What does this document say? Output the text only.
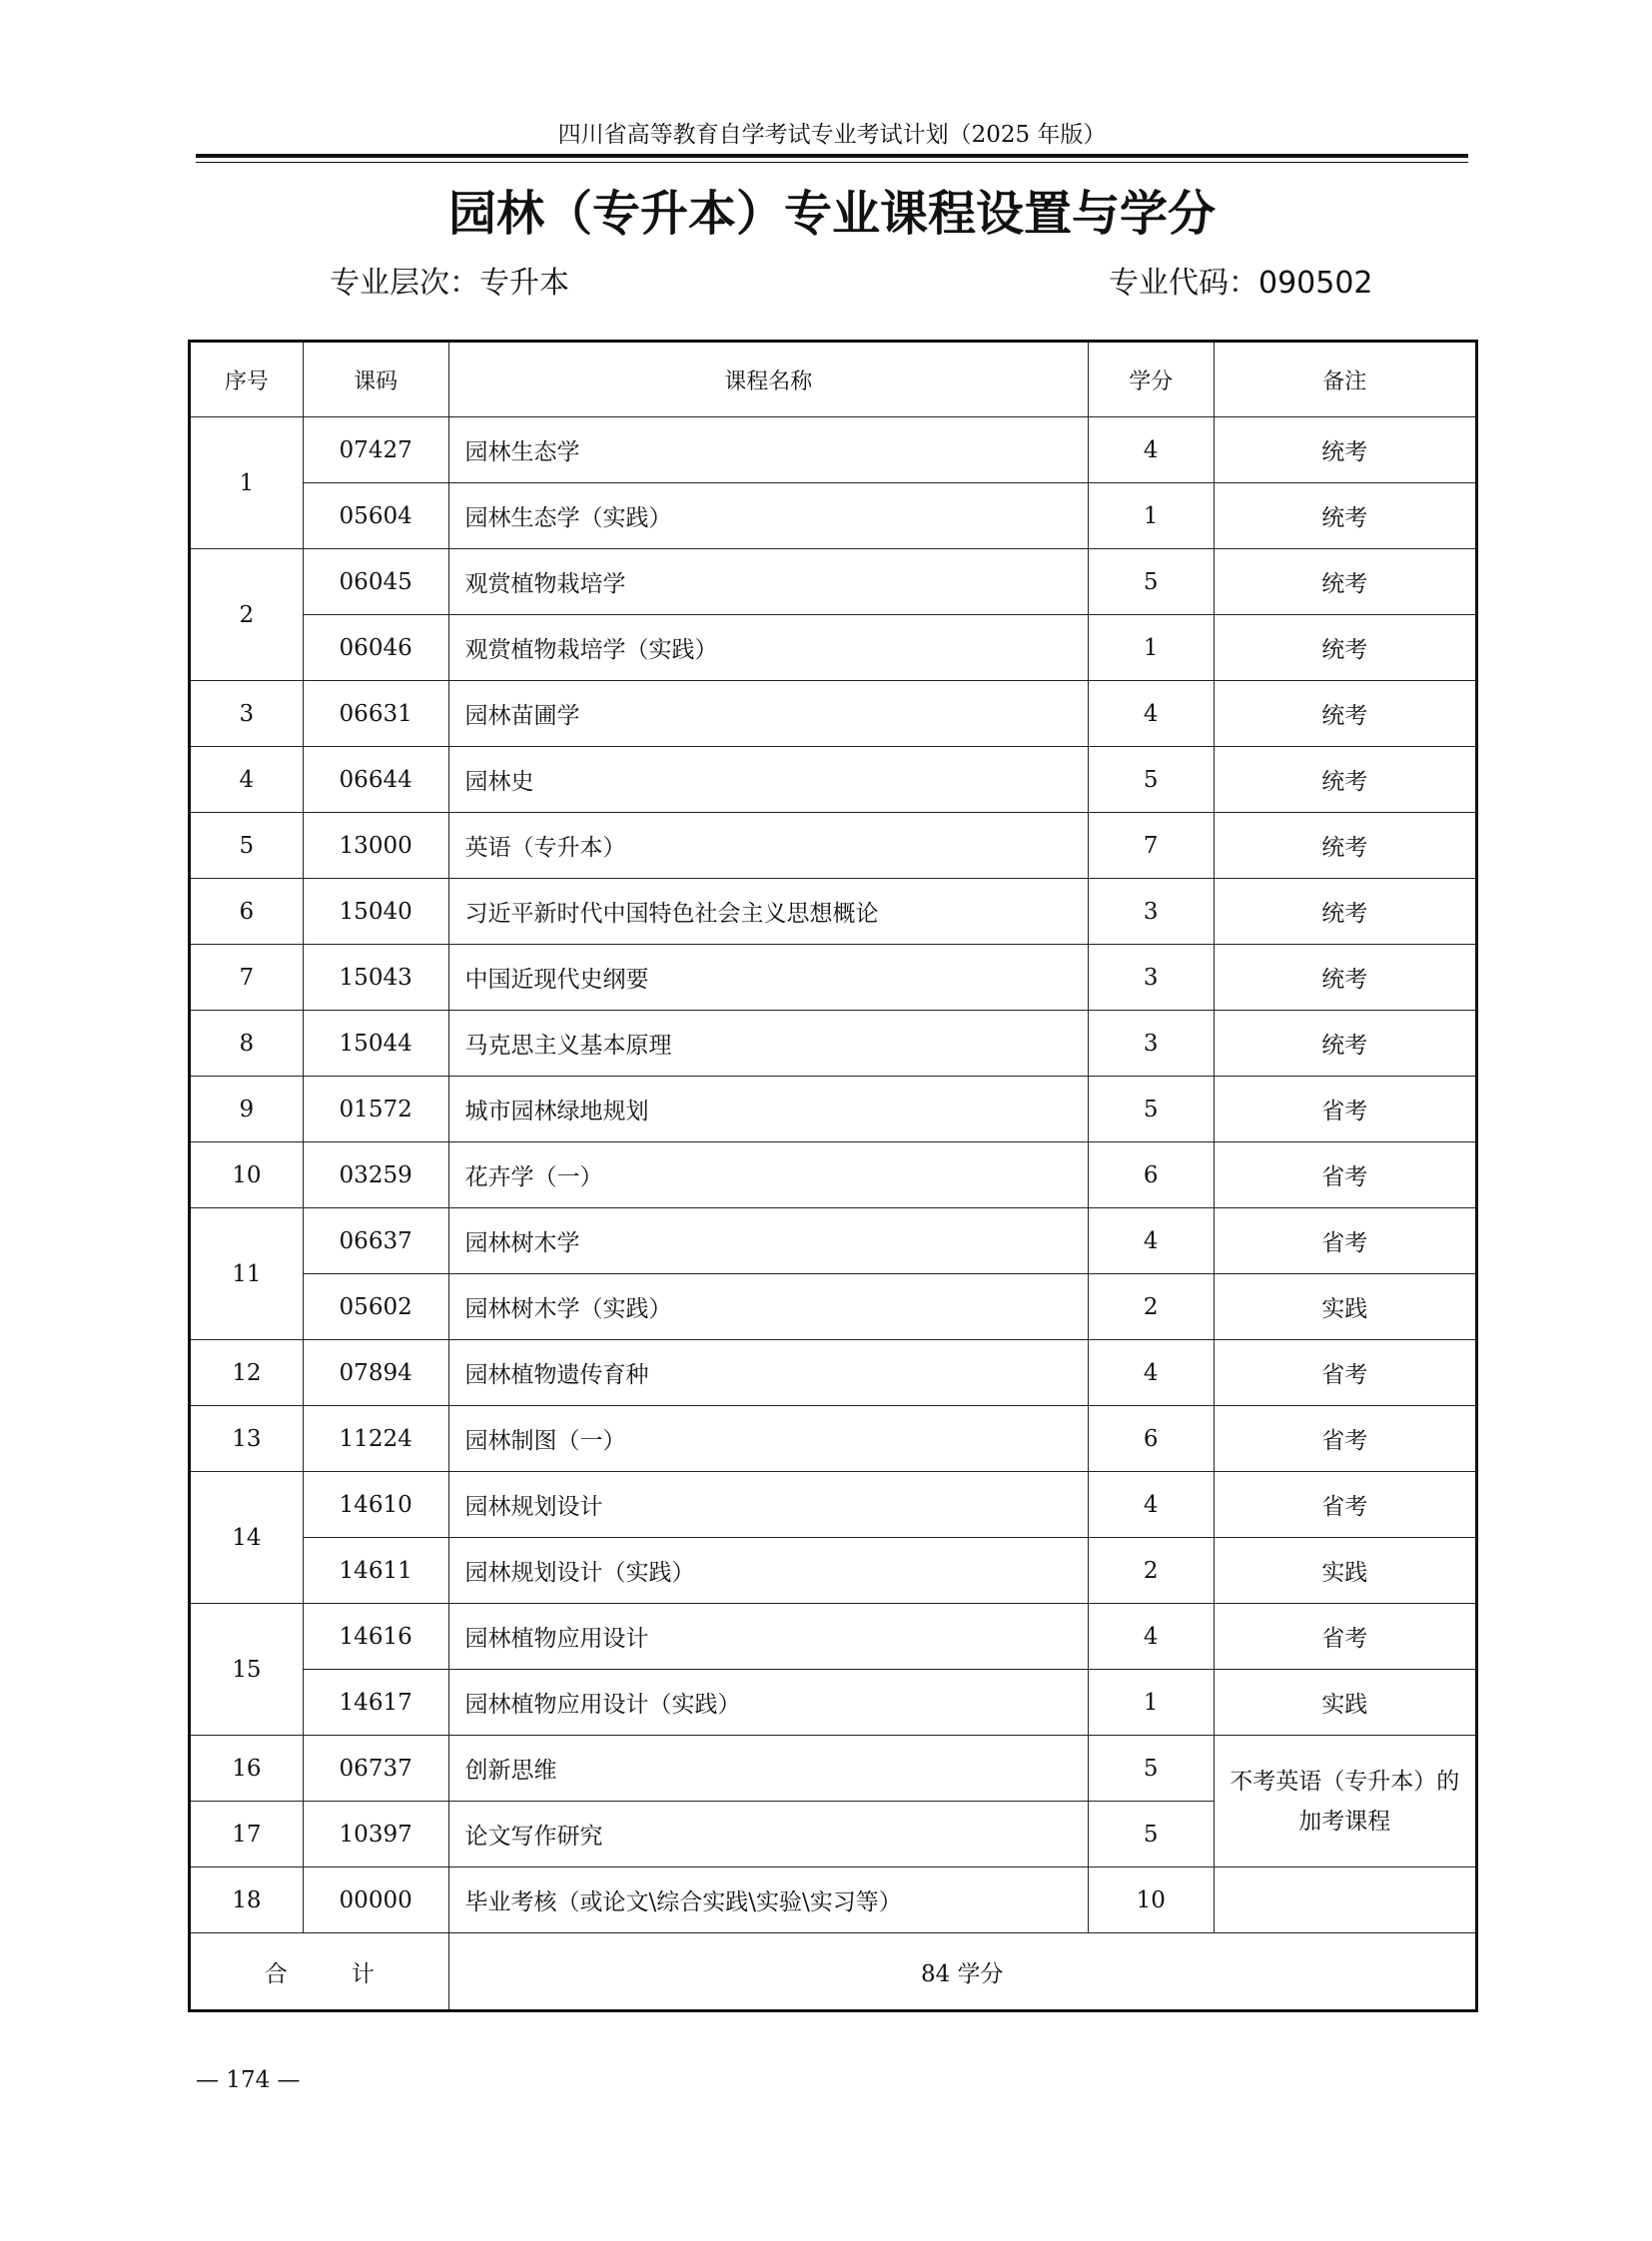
四川省高等教育自学考试专业考试计划（2025 年版）
园林（专升本）专业课程设置与学分
专业层次：专升本	专业代码：090502
序号	课码	课程名称	学分	备注
1	07427	园林生态学	4	统考
	05604	园林生态学（实践）	1	统考
2	06045	观赏植物栽培学	5	统考
	06046	观赏植物栽培学（实践）	1	统考
3	06631	园林苗圃学	4	统考
4	06644	园林史	5	统考
5	13000	英语（专升本）	7	统考
6	15040	习近平新时代中国特色社会主义思想概论	3	统考
7	15043	中国近现代史纲要	3	统考
8	15044	马克思主义基本原理	3	统考
9	01572	城市园林绿地规划	5	省考
10	03259	花卉学（一）	6	省考
11	06637	园林树木学	4	省考
	05602	园林树木学（实践）	2	实践
12	07894	园林植物遗传育种	4	省考
13	11224	园林制图（一）	6	省考
14	14610	园林规划设计	4	省考
	14611	园林规划设计（实践）	2	实践
15	14616	园林植物应用设计	4	省考
	14617	园林植物应用设计（实践）	1	实践
16	06737	创新思维	5	不考英语（专升本）的
加考课程

17	10397	论文写作研究	5	
18	00000	毕业考核（或论文\综合实践\实验\实习等）	10	
合 计		84 学分		
— 174 —
